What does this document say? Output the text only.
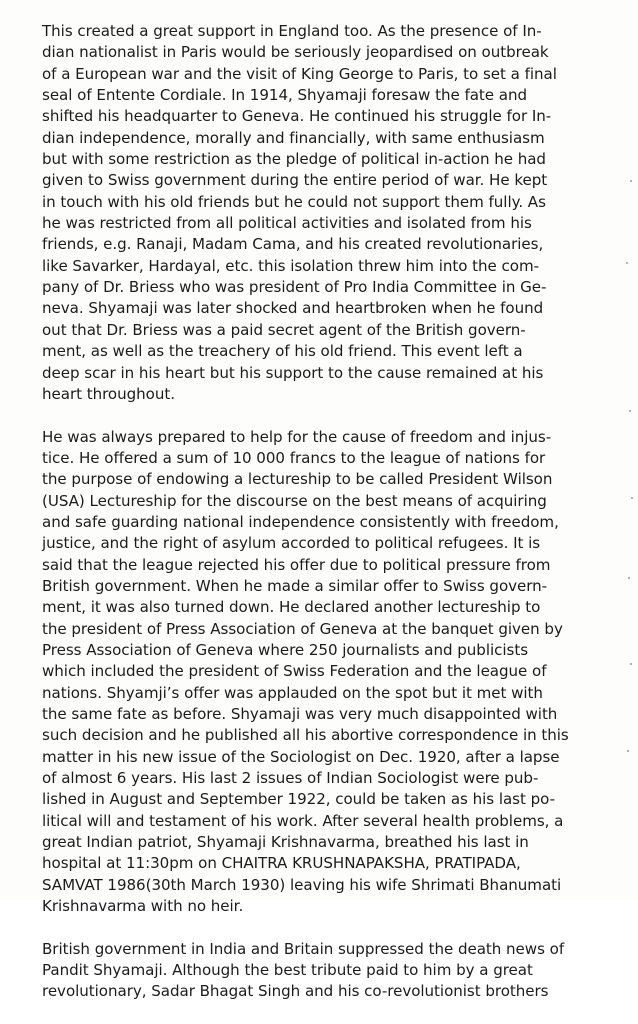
This created a great support in England too. As the presence of In-
dian nationalist in Paris would be seriously jeopardised on outbreak
of a European war and the visit of King George to Paris, to set a final
seal of Entente Cordiale. In 1914, Shyamaji foresaw the fate and
shifted his headquarter to Geneva. He continued his struggle for In-
dian independence, morally and financially, with same enthusiasm
but with some restriction as the pledge of political in-action he had
given to Swiss government during the entire period of war. He kept
in touch with his old friends but he could not support them fully. As
he was restricted from all political activities and isolated from his
friends, e.g. Ranaji, Madam Cama, and his created revolutionaries,
like Savarker, Hardayal, etc. this isolation threw him into the com-
pany of Dr. Briess who was president of Pro India Committee in Ge-
neva. Shyamaji was later shocked and heartbroken when he found
out that Dr. Briess was a paid secret agent of the British govern-
ment, as well as the treachery of his old friend. This event left a
deep scar in his heart but his support to the cause remained at his
heart throughout.

He was always prepared to help for the cause of freedom and injus-
tice. He offered a sum of 10 000 francs to the league of nations for
the purpose of endowing a lectureship to be called President Wilson
(USA) Lectureship for the discourse on the best means of acquiring
and safe guarding national independence consistently with freedom,
justice, and the right of asylum accorded to political refugees. It is
said that the league rejected his offer due to political pressure from
British government. When he made a similar offer to Swiss govern-
ment, it was also turned down. He declared another lectureship to
the president of Press Association of Geneva at the banquet given by
Press Association of Geneva where 250 journalists and publicists
which included the president of Swiss Federation and the league of
nations. Shyamji’s offer was applauded on the spot but it met with
the same fate as before. Shyamaji was very much disappointed with
such decision and he published all his abortive correspondence in this
matter in his new issue of the Sociologist on Dec. 1920, after a lapse
of almost 6 years. His last 2 issues of Indian Sociologist were pub-
lished in August and September 1922, could be taken as his last po-
litical will and testament of his work. After several health problems, a
great Indian patriot, Shyamaji Krishnavarma, breathed his last in
hospital at 11:30pm on CHAITRA KRUSHNAPAKSHA, PRATIPADA,
SAMVAT 1986(30th March 1930) leaving his wife Shrimati Bhanumati
Krishnavarma with no heir.

British government in India and Britain suppressed the death news of
Pandit Shyamaji. Although the best tribute paid to him by a great
revolutionary, Sadar Bhagat Singh and his co-revolutionist brothers
